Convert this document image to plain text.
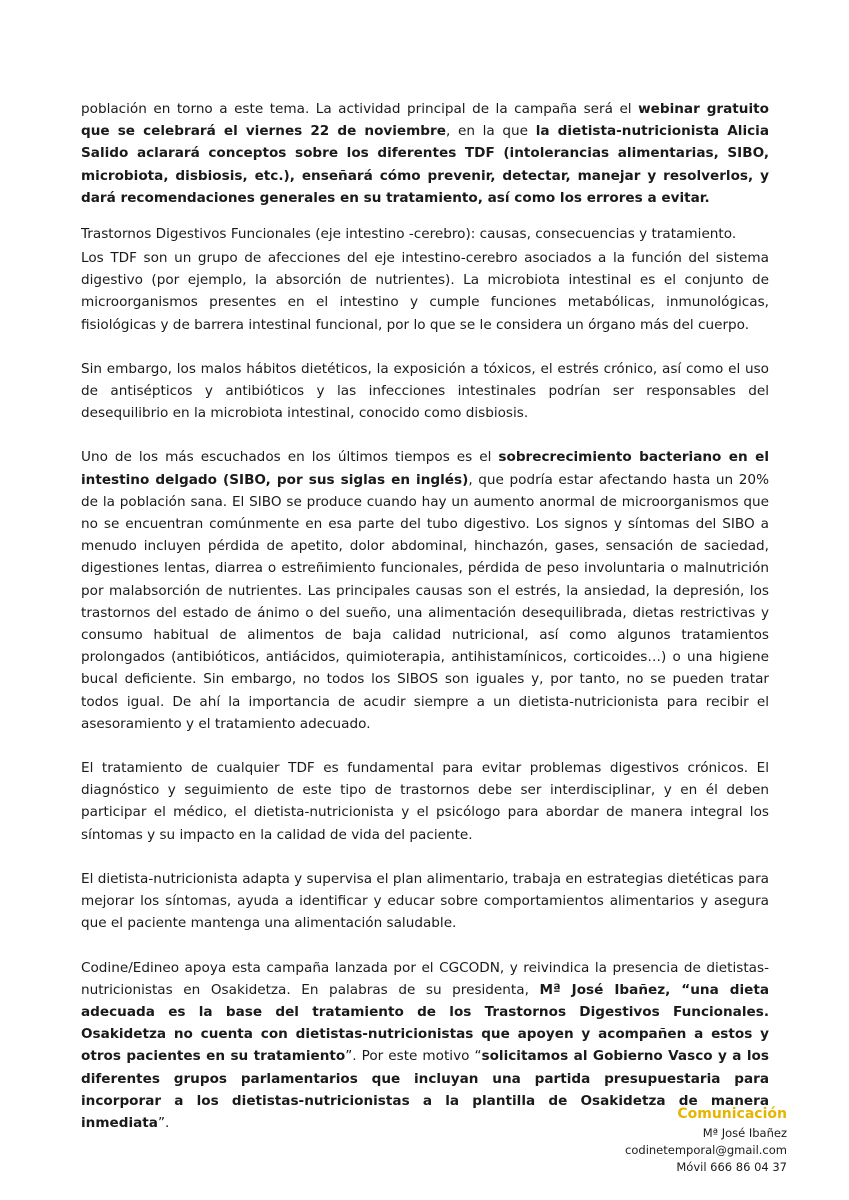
población en torno a este tema. La actividad principal de la campaña será el webinar gratuito que se celebrará el viernes 22 de noviembre, en la que la dietista-nutricionista Alicia Salido aclarará conceptos sobre los diferentes TDF (intolerancias alimentarias, SIBO, microbiota, disbiosis, etc.), enseñará cómo prevenir, detectar, manejar y resolverlos, y dará recomendaciones generales en su tratamiento, así como los errores a evitar.

Trastornos Digestivos Funcionales (eje intestino -cerebro): causas, consecuencias y tratamiento.

Los TDF son un grupo de afecciones del eje intestino-cerebro asociados a la función del sistema digestivo (por ejemplo, la absorción de nutrientes). La microbiota intestinal es el conjunto de microorganismos presentes en el intestino y cumple funciones metabólicas, inmunológicas, fisiológicas y de barrera intestinal funcional, por lo que se le considera un órgano más del cuerpo.

Sin embargo, los malos hábitos dietéticos, la exposición a tóxicos, el estrés crónico, así como el uso de antisépticos y antibióticos y las infecciones intestinales podrían ser responsables del desequilibrio en la microbiota intestinal, conocido como disbiosis.

Uno de los más escuchados en los últimos tiempos es el sobrecrecimiento bacteriano en el intestino delgado (SIBO, por sus siglas en inglés), que podría estar afectando hasta un 20% de la población sana. El SIBO se produce cuando hay un aumento anormal de microorganismos que no se encuentran comúnmente en esa parte del tubo digestivo. Los signos y síntomas del SIBO a menudo incluyen pérdida de apetito, dolor abdominal, hinchazón, gases, sensación de saciedad, digestiones lentas, diarrea o estreñimiento funcionales, pérdida de peso involuntaria o malnutrición por malabsorción de nutrientes. Las principales causas son el estrés, la ansiedad, la depresión, los trastornos del estado de ánimo o del sueño, una alimentación desequilibrada, dietas restrictivas y consumo habitual de alimentos de baja calidad nutricional, así como algunos tratamientos prolongados (antibióticos, antiácidos, quimioterapia, antihistamínicos, corticoides…) o una higiene bucal deficiente. Sin embargo, no todos los SIBOS son iguales y, por tanto, no se pueden tratar todos igual. De ahí la importancia de acudir siempre a un dietista-nutricionista para recibir el asesoramiento y el tratamiento adecuado.

El tratamiento de cualquier TDF es fundamental para evitar problemas digestivos crónicos. El diagnóstico y seguimiento de este tipo de trastornos debe ser interdisciplinar, y en él deben participar el médico, el dietista-nutricionista y el psicólogo para abordar de manera integral los síntomas y su impacto en la calidad de vida del paciente.

El dietista-nutricionista adapta y supervisa el plan alimentario, trabaja en estrategias dietéticas para mejorar los síntomas, ayuda a identificar y educar sobre comportamientos alimentarios y asegura que el paciente mantenga una alimentación saludable.

Codine/Edineo apoya esta campaña lanzada por el CGCODN, y reivindica la presencia de dietistas-nutricionistas en Osakidetza. En palabras de su presidenta, Mª José Ibañez, “una dieta adecuada es la base del tratamiento de los Trastornos Digestivos Funcionales. Osakidetza no cuenta con dietistas-nutricionistas que apoyen y acompañen a estos y otros pacientes en su tratamiento”. Por este motivo “solicitamos al Gobierno Vasco y a los diferentes grupos parlamentarios que incluyan una partida presupuestaria para incorporar a los dietistas-nutricionistas a la plantilla de Osakidetza de manera inmediata”.

Comunicación
Mª José Ibañez
codinetemporal@gmail.com
Móvil 666 86 04 37
